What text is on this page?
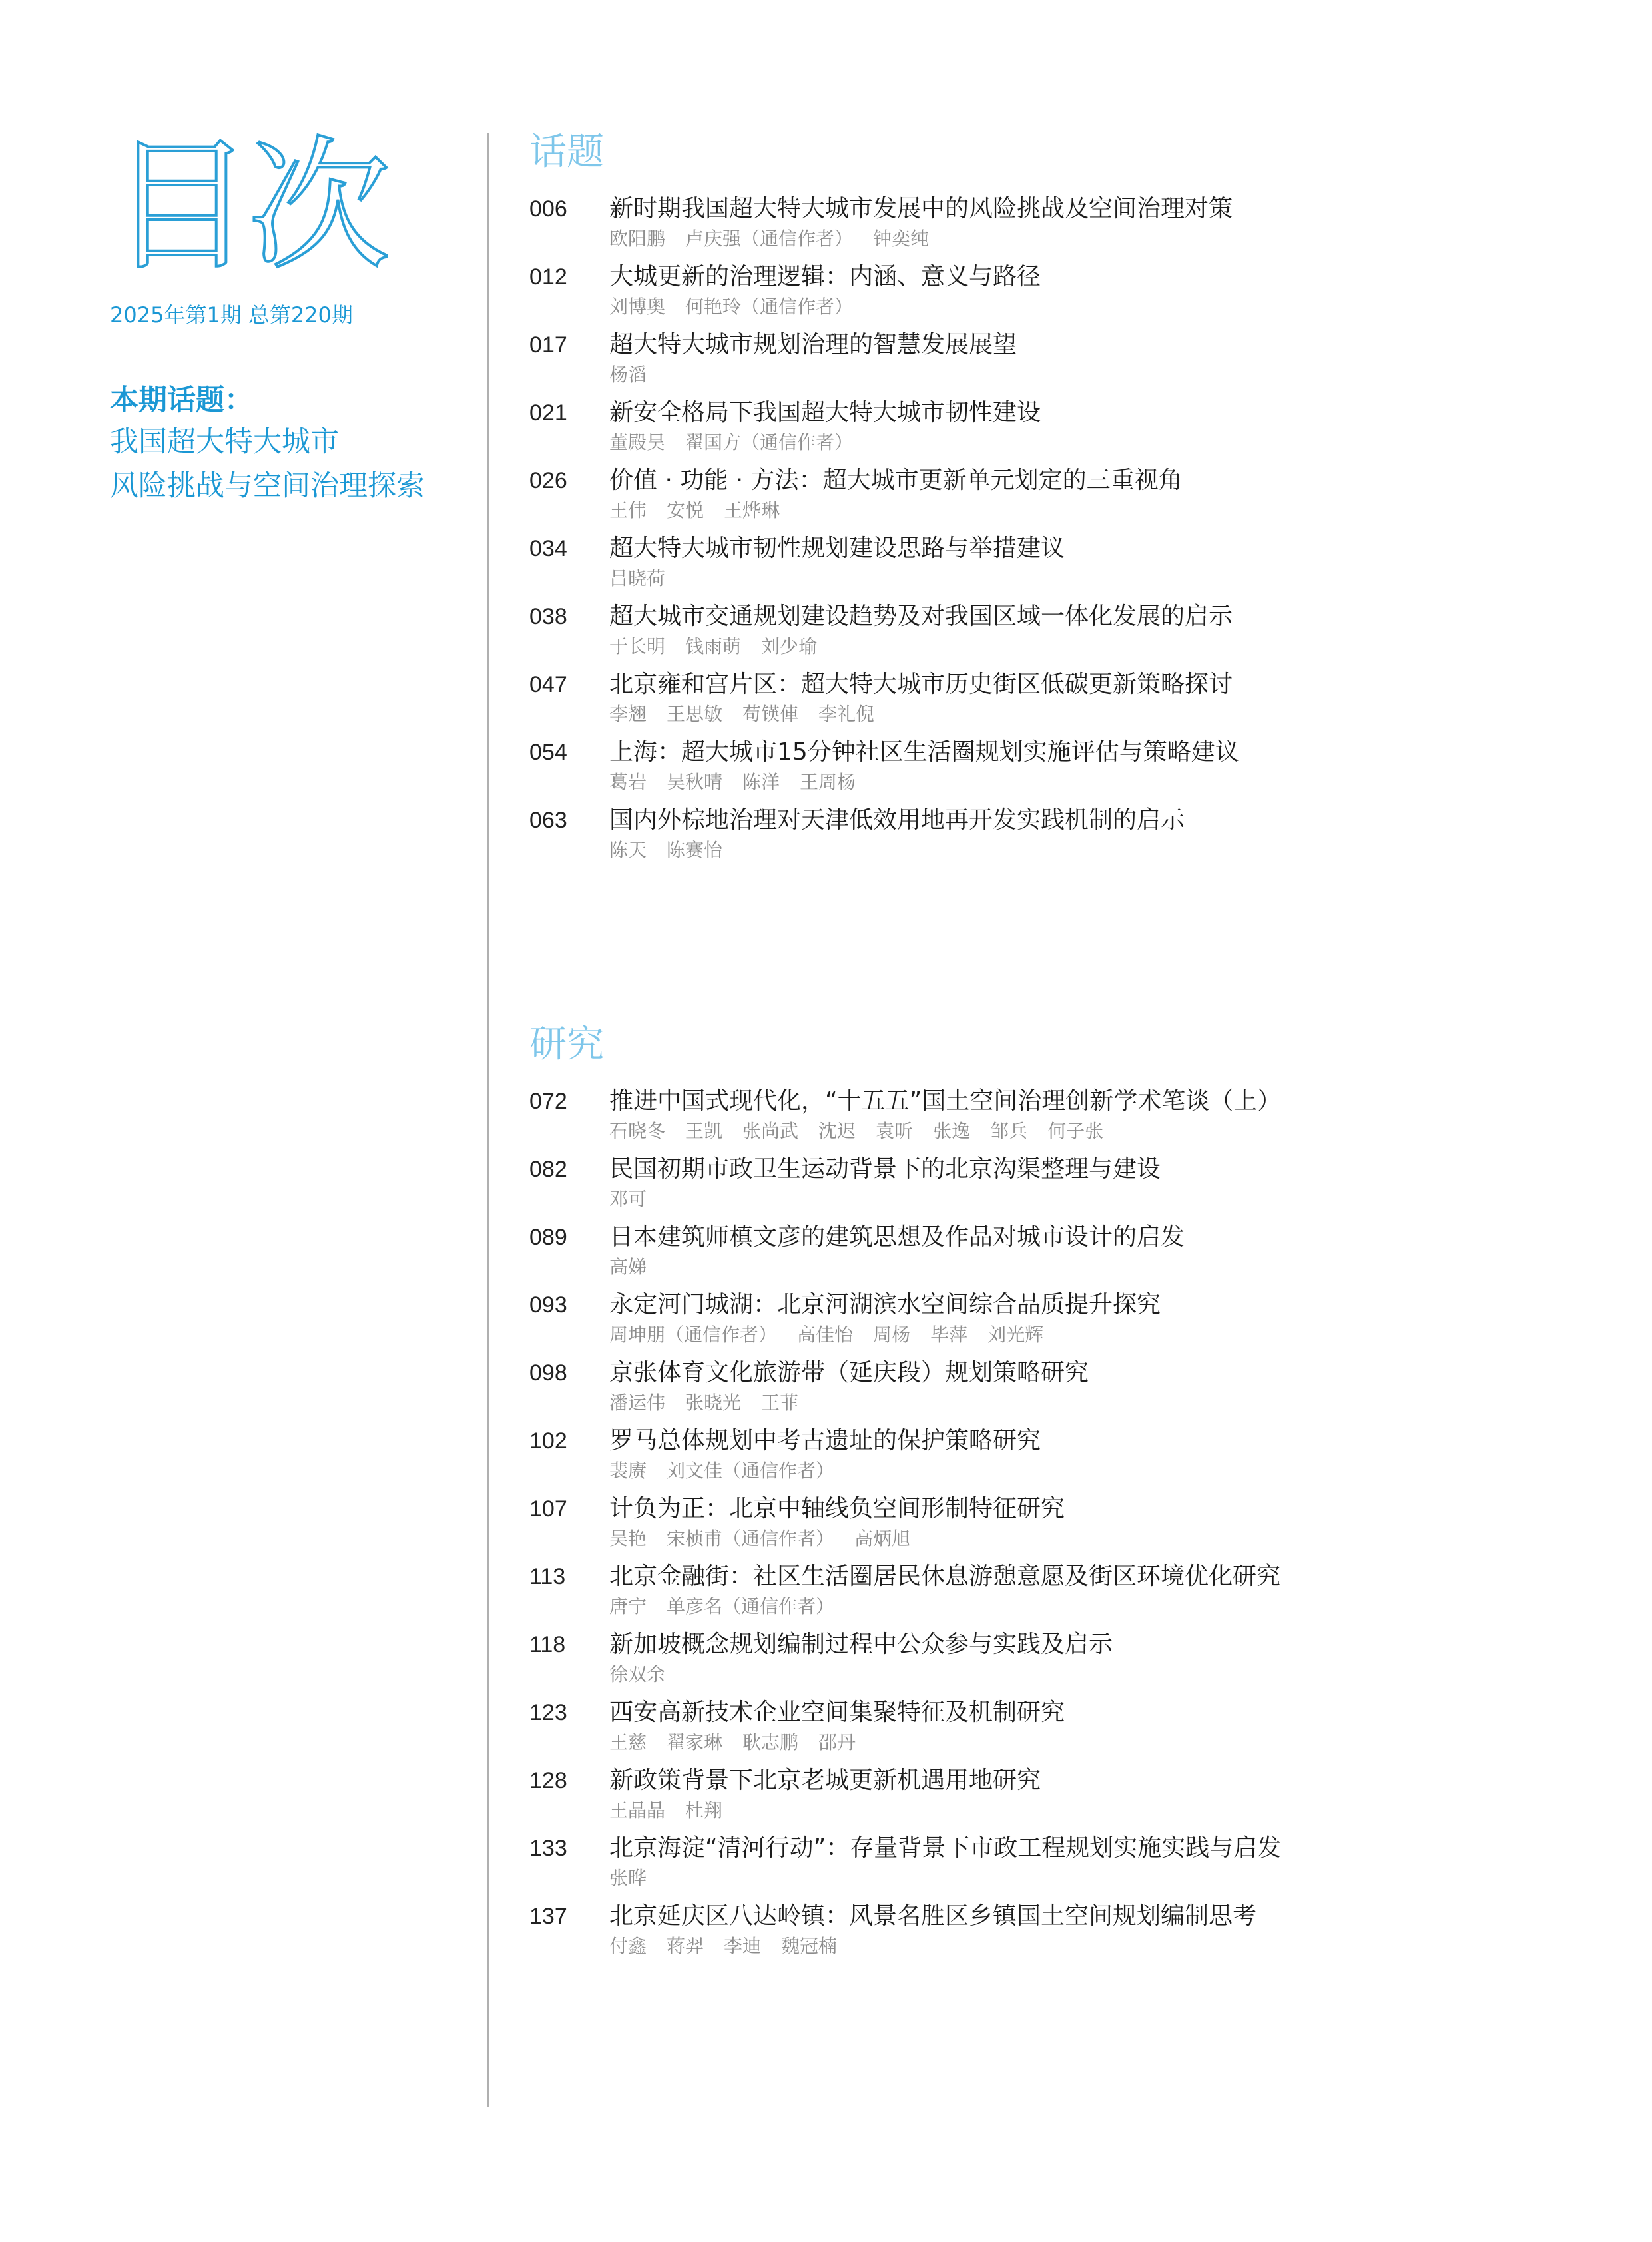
目次
2025年第1期 总第220期
本期话题：
我国超大特大城市
风险挑战与空间治理探索
话题
006	新时期我国超大特大城市发展中的风险挑战及空间治理对策
欧阳鹏 卢庆强（通信作者） 钟奕纯
012	大城更新的治理逻辑：内涵、意义与路径
刘博奥 何艳玲（通信作者）
017	超大特大城市规划治理的智慧发展展望
杨滔
021	新安全格局下我国超大特大城市韧性建设
董殿昊 翟国方（通信作者）
026	价值 · 功能 · 方法：超大城市更新单元划定的三重视角
王伟 安悦 王烨琳
034	超大特大城市韧性规划建设思路与举措建议
吕晓荷
038	超大城市交通规划建设趋势及对我国区域一体化发展的启示
于长明 钱雨萌 刘少瑜
047	北京雍和宫片区：超大特大城市历史街区低碳更新策略探讨
李翘 王思敏 苟锳俥 李礼倪
054	上海：超大城市15分钟社区生活圈规划实施评估与策略建议
葛岩 吴秋晴 陈洋 王周杨
063	国内外棕地治理对天津低效用地再开发实践机制的启示
陈天 陈赛怡
研究
072	推进中国式现代化，“十五五”国土空间治理创新学术笔谈（上）
石晓冬 王凯 张尚武 沈迟 袁昕 张逸 邹兵 何子张
082	民国初期市政卫生运动背景下的北京沟渠整理与建设
邓可
089	日本建筑师槙文彦的建筑思想及作品对城市设计的启发
高娣
093	永定河门城湖：北京河湖滨水空间综合品质提升探究
周坤朋（通信作者） 高佳怡 周杨 毕萍 刘光辉
098	京张体育文化旅游带（延庆段）规划策略研究
潘运伟 张晓光 王菲
102	罗马总体规划中考古遗址的保护策略研究
裴赓 刘文佳（通信作者）
107	计负为正：北京中轴线负空间形制特征研究
吴艳 宋桢甫（通信作者） 高炳旭
113	北京金融街：社区生活圈居民休息游憩意愿及街区环境优化研究
唐宁 单彦名（通信作者）
118	新加坡概念规划编制过程中公众参与实践及启示
徐双余
123	西安高新技术企业空间集聚特征及机制研究
王慈 翟家琳 耿志鹏 邵丹
128	新政策背景下北京老城更新机遇用地研究
王晶晶 杜翔
133	北京海淀“清河行动”：存量背景下市政工程规划实施实践与启发
张晔
137	北京延庆区八达岭镇：风景名胜区乡镇国土空间规划编制思考
付鑫 蒋羿 李迪 魏冠楠
